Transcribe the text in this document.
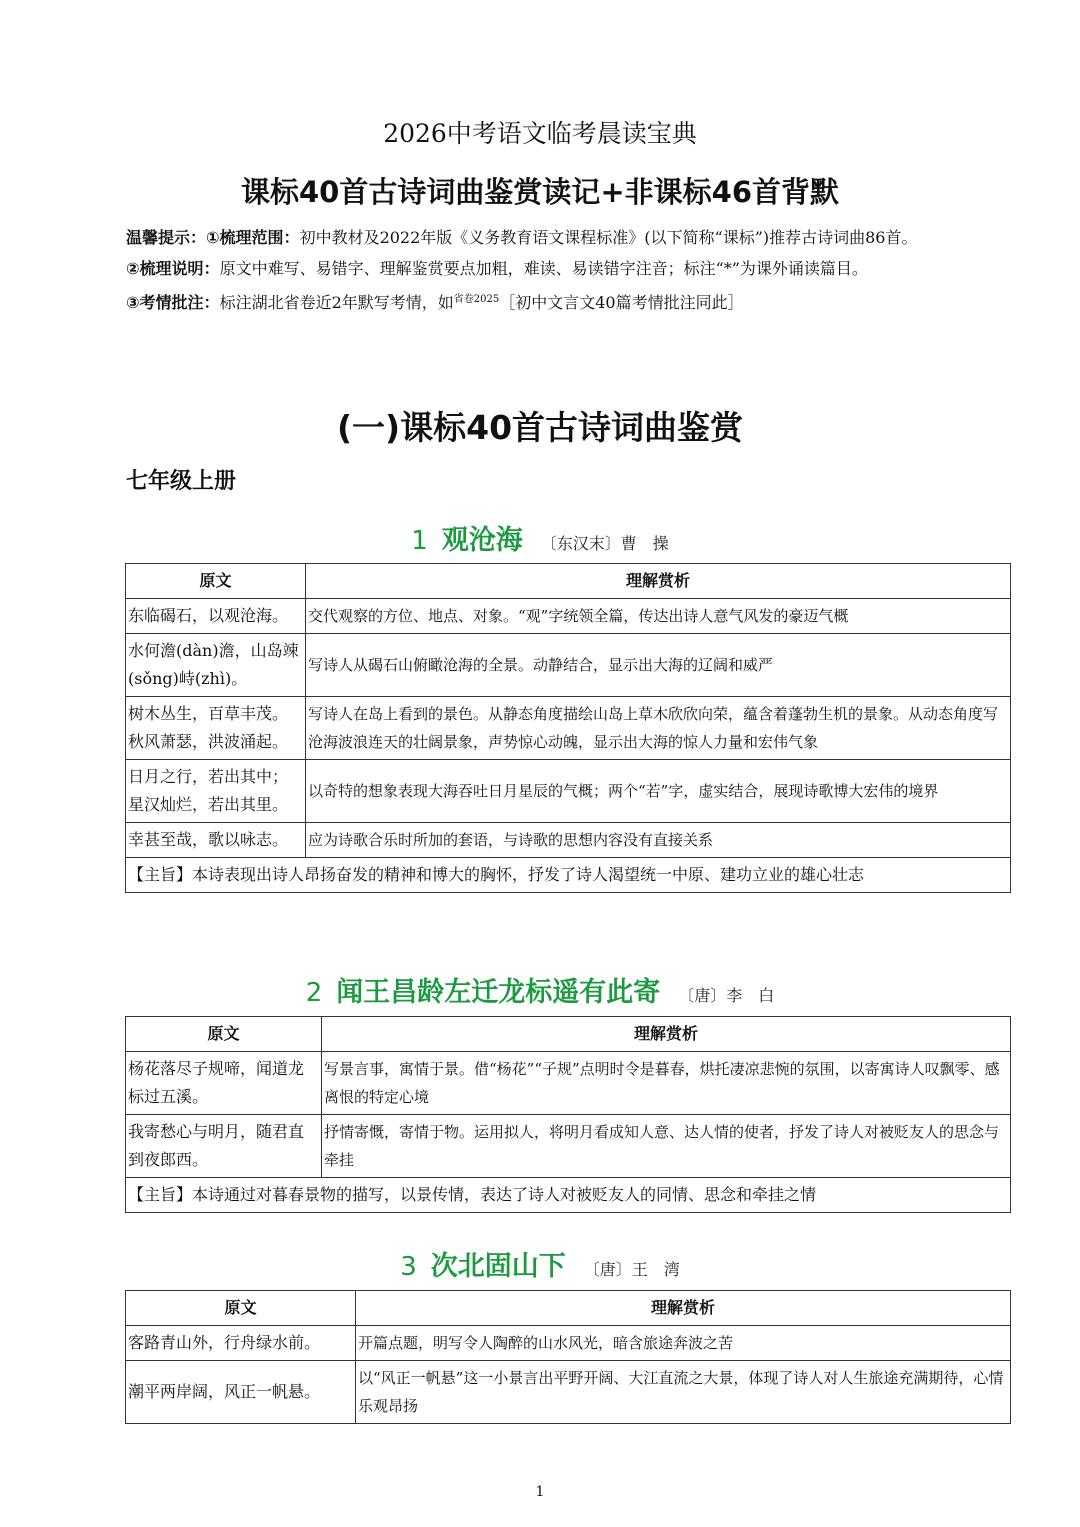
2026中考语文临考晨读宝典
课标40首古诗词曲鉴赏读记+非课标46首背默

温馨提示：①梳理范围：初中教材及2022年版《义务教育语文课程标准》(以下简称“课标”)推荐古诗词曲86首。

②梳理说明：原文中难写、易错字、理解鉴赏要点加粗，难读、易读错字注音；标注“*”为课外诵读篇目。

③考情批注：标注湖北省卷近2年默写考情，如$^{省卷2025}$［初中文言文40篇考情批注同此］

(一)课标40首古诗词曲鉴赏
七年级上册
1 观沧海 〔东汉末〕曹　操
原文	理解赏析
东临碣石，以观沧海。	交代观察的方位、地点、对象。“观”字统领全篇，传达出诗人意气风发的豪迈气概
水何澹(dàn)澹，山岛竦(sǒng)峙(zhì)。	写诗人从碣石山俯瞰沧海的全景。动静结合，显示出大海的辽阔和威严
树木丛生，百草丰茂。秋风萧瑟，洪波涌起。	写诗人在岛上看到的景色。从静态角度描绘山岛上草木欣欣向荣，蕴含着蓬勃生机的景象。从动态角度写沧海波浪连天的壮阔景象，声势惊心动魄，显示出大海的惊人力量和宏伟气象
日月之行，若出其中；星汉灿烂，若出其里。	以奇特的想象表现大海吞吐日月星辰的气概；两个“若”字，虚实结合，展现诗歌博大宏伟的境界
幸甚至哉，歌以咏志。	应为诗歌合乐时所加的套语，与诗歌的思想内容没有直接关系
【主旨】本诗表现出诗人昂扬奋发的精神和博大的胸怀，抒发了诗人渴望统一中原、建功立业的雄心壮志	
2 闻王昌龄左迁龙标遥有此寄 〔唐〕李　白
原文	理解赏析
杨花落尽子规啼，闻道龙标过五溪。	写景言事，寓情于景。借“杨花”“子规”点明时令是暮春，烘托凄凉悲惋的氛围，以寄寓诗人叹飘零、感离恨的特定心境
我寄愁心与明月，随君直到夜郎西。	抒情寄慨，寄情于物。运用拟人，将明月看成知人意、达人情的使者，抒发了诗人对被贬友人的思念与牵挂
【主旨】本诗通过对暮春景物的描写，以景传情，表达了诗人对被贬友人的同情、思念和牵挂之情	
3 次北固山下 〔唐〕王　湾
原文	理解赏析
客路青山外，行舟绿水前。	开篇点题，明写令人陶醉的山水风光，暗含旅途奔波之苦
潮平两岸阔，风正一帆悬。	以“风正一帆悬”这一小景言出平野开阔、大江直流之大景，体现了诗人对人生旅途充满期待，心情乐观昂扬
1
